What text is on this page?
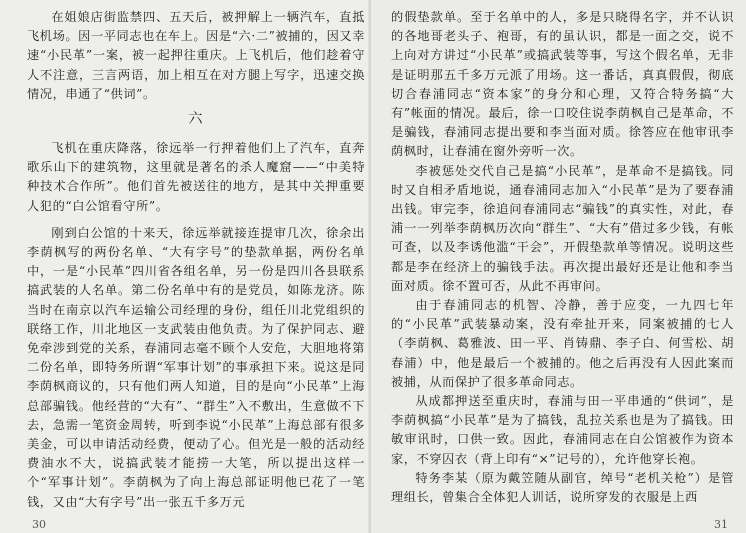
在姐娘店街监禁四、五天后，被押解上一辆汽车，直抵飞机场。因一平同志也在车上。因是“六·二”被捕的，因又幸速“小民革”一案，被一起押往重庆。上飞机后，他们趁着守人不注意，三言两语，加上相互在对方腿上写字，迅速交换情况，串通了“供词”。

六

飞机在重庆降落，徐远举一行押着他们上了汽车，直奔歌乐山下的建筑物，这里就是著名的杀人魔窟——“中美特种技术合作所”。他们首先被送往的地方，是其中关押重要人犯的“白公馆看守所”。

刚到白公馆的十来天，徐远举就接连提审几次，徐余出李荫枫写的两份名单、“大有字号”的垫款单据，两份名单中，一是“小民革”四川省各组名单，另一份是四川各县联系搞武装的人名单。第二份名单中有的是党员，如陈龙济。陈当时在南京以汽车运输公司经理的身份，组任川北党组织的联络工作，川北地区一支武装由他负责。为了保护同志、避免牵涉到党的关系，春浦同志毫不顾个人安危，大胆地将第二份名单，即特务所谓“军事计划”的事承担下来。说这是同李荫枫商议的，只有他们两人知道，目的是向“小民革”上海总部骗钱。他经营的“大有”、“群生”入不敷出，生意做不下去，急需一笔资金周转，听到李说“小民革”上海总部有很多美金，可以申请活动经费，便动了心。但光是一般的活动经费油水不大，说搞武装才能捞一大笔，所以提出这样一个“军事计划”。李荫枫为了向上海总部证明他已花了一笔钱，又由“大有字号”出一张五千多万元

30

的假垫款单。至于名单中的人，多是只晓得名字，并不认识的各地哥老头子、袍哥，有的虽认识，都是一面之交，说不上向对方讲过“小民革”或搞武装等事，写这个假名单，无非是证明那五千多万元派了用场。这一番话，真真假假，彻底切合春浦同志“资本家”的身分和心理，又符合特务搞“大有”帐面的情况。最后，徐一口咬住说李荫枫自己是革命，不是骗钱，春浦同志提出要和李当面对质。徐答应在他审讯李荫枫时，让春浦在窗外旁听一次。

李被惩处交代自己是搞“小民革”，是革命不是搞钱。同时又自相矛盾地说，通春浦同志加入“小民革”是为了要春浦出钱。审完李，徐追问春浦同志“骗钱”的真实性，对此，春浦一一列举李荫枫历次向“群生”、“大有”借过多少钱，有帐可查，以及李诱他滥“干会”，开假垫款单等情况。说明这些都是李在经济上的骗钱手法。再次提出最好还是让他和李当面对质。徐不置可否，从此不再审问。

由于春浦同志的机智、冷静，善于应变，一九四七年的“小民革”武装暴动案，没有牵扯开来，同案被捕的七人（李荫枫、葛雅波、田一平、肖铸鼎、李子白、何雪松、胡春浦）中，他是最后一个被捕的。他之后再没有人因此案而被捕，从而保护了很多革命同志。

从成都押送至重庆时，春浦与田一平串通的“供词”，是李荫枫搞“小民革”是为了搞钱，乱拉关系也是为了搞钱。田敏审讯时，口供一致。因此，春浦同志在白公馆被作为资本家，不穿囚衣（背上印有“×”记号的），允许他穿长袍。

特务李某（原为戴笠随从副官，绰号“老机关枪”）是管理组长，曾集合全体犯人训话，说所穿发的衣服是上西

31
